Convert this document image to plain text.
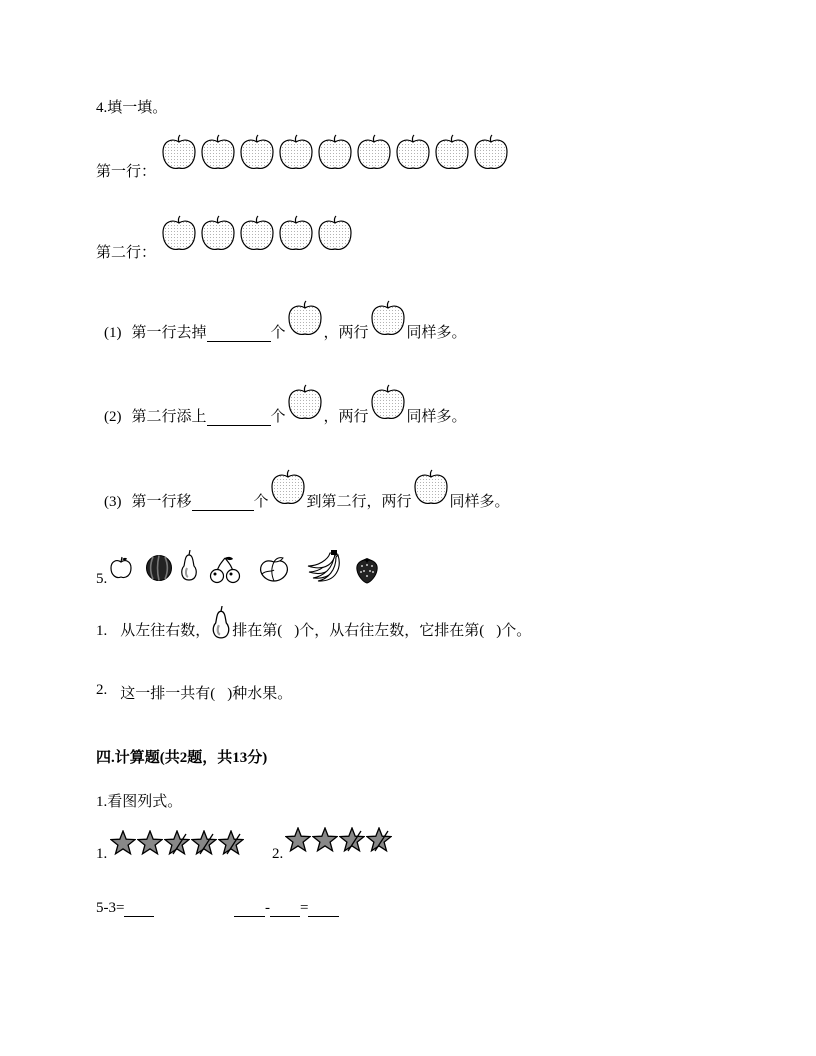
4.填一填。
第一行：
第二行：
(1) 第一行去掉	个	，两行	同样多。
(2) 第二行添上	个	，两行	同样多。
(3) 第一行移	个	到第二行，两行	同样多。
5.
1. 从左往右数， 排在第( )个，从右往左数，它排在第( )个。
2. 这一排一共有( )种水果。
四.计算题(共2题，共13分)
1.看图列式。
1.	2.
5-3=	- =
